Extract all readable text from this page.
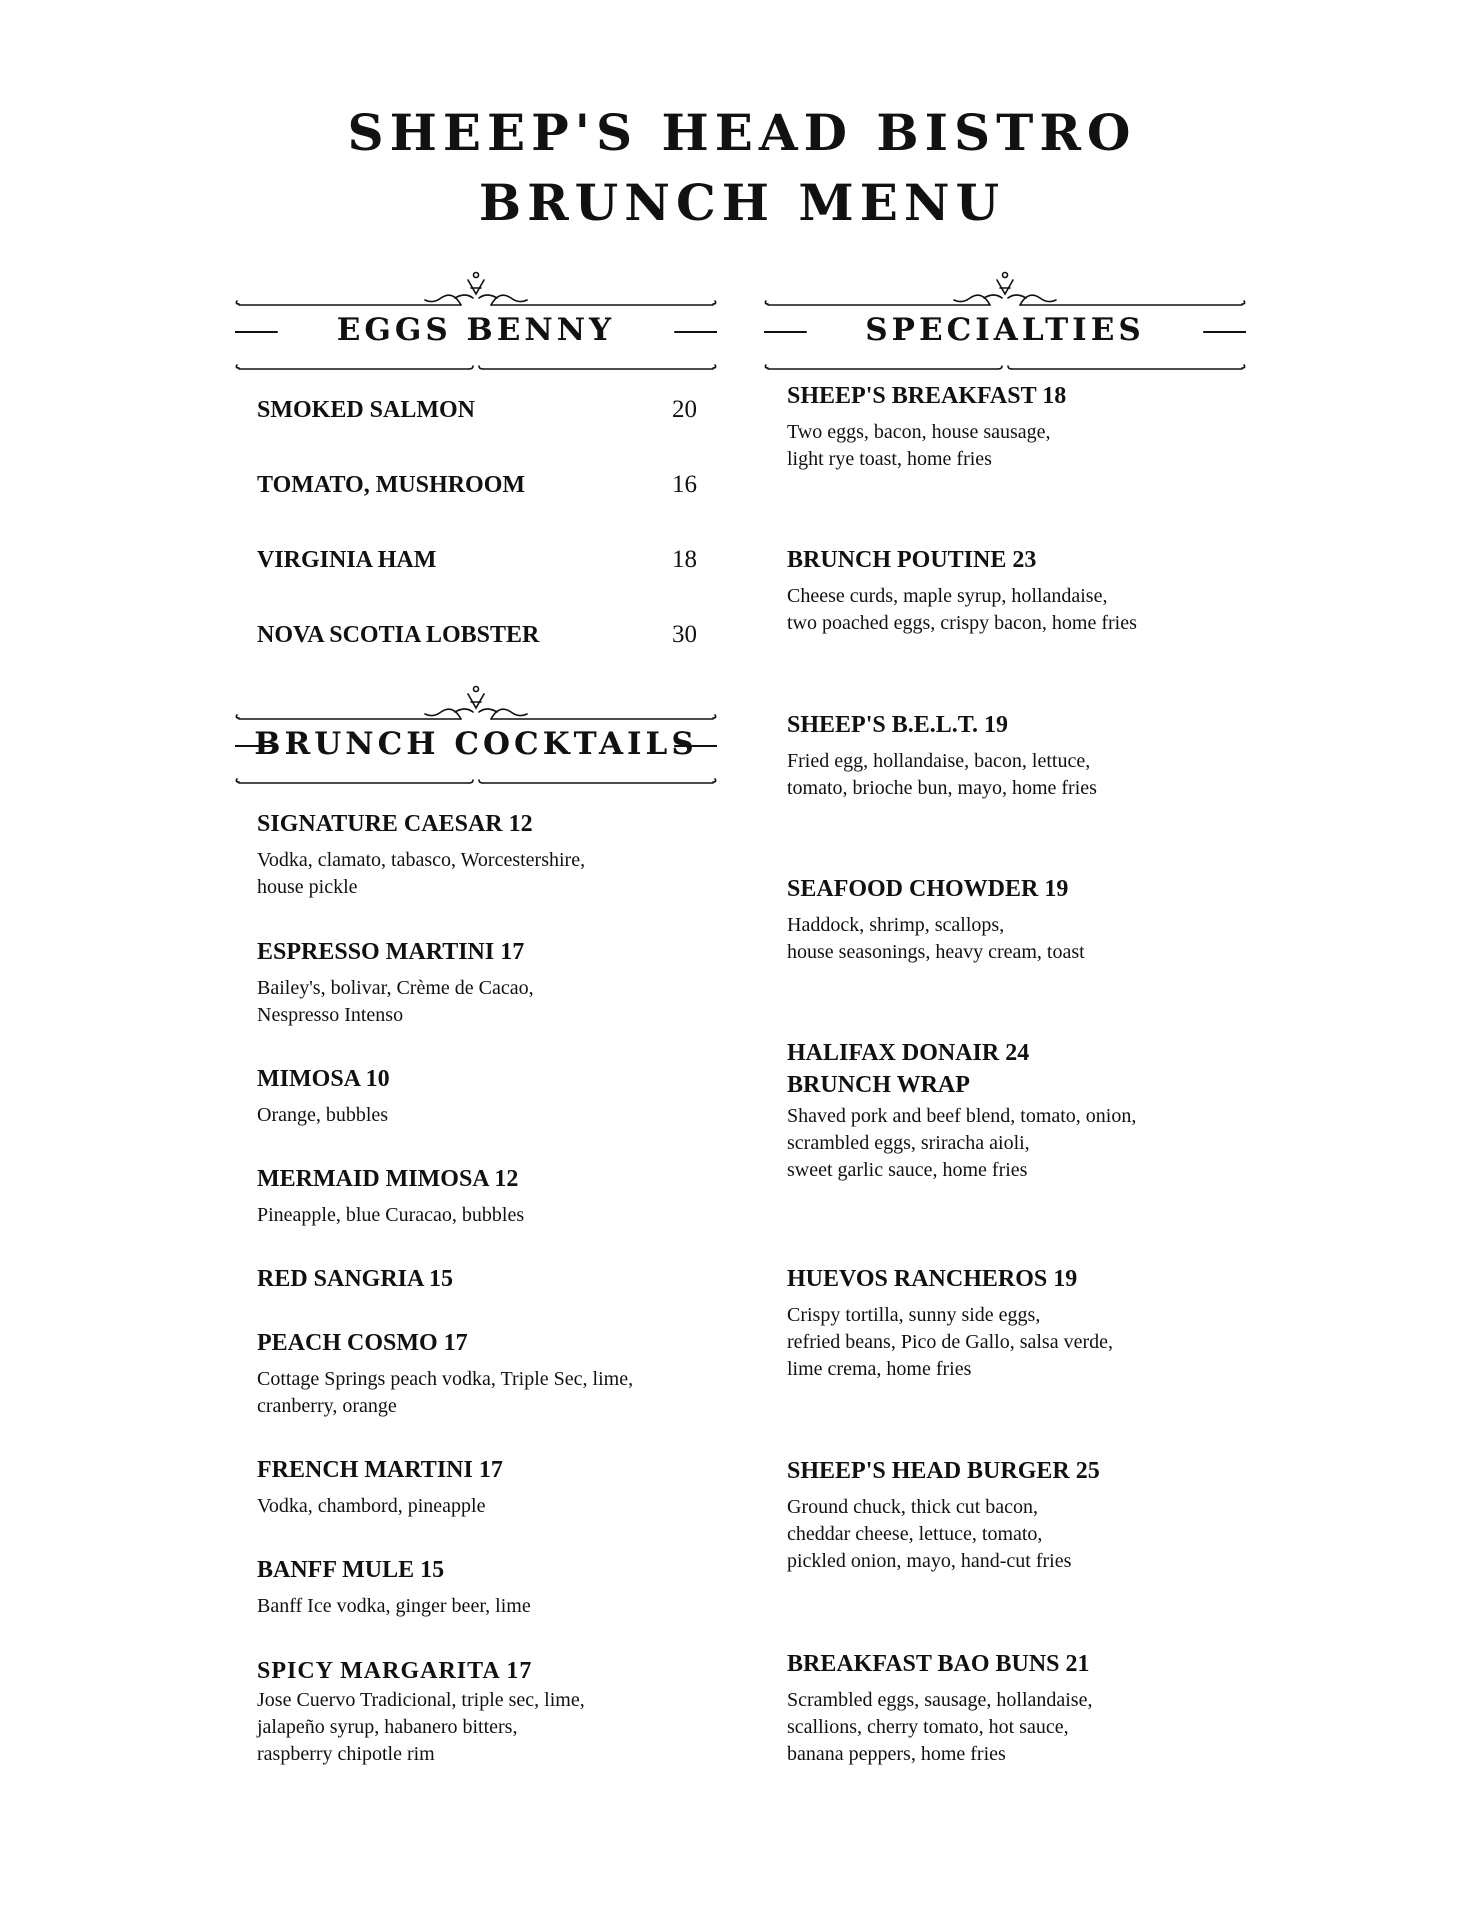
SHEEP'S HEAD BISTRO
BRUNCH MENU
EGGS BENNY
SMOKED SALMON	20
TOMATO, MUSHROOM	16
VIRGINIA HAM	18
NOVA SCOTIA LOBSTER	30
BRUNCH COCKTAILS
SIGNATURE CAESAR 12
Vodka, clamato, tabasco, Worcestershire,
house pickle
ESPRESSO MARTINI 17
Bailey's, bolivar, Crème de Cacao,
Nespresso Intenso
MIMOSA 10
Orange, bubbles
MERMAID MIMOSA 12
Pineapple, blue Curacao, bubbles
RED SANGRIA 15
PEACH COSMO 17
Cottage Springs peach vodka, Triple Sec, lime,
cranberry, orange
FRENCH MARTINI 17
Vodka, chambord, pineapple
BANFF MULE 15
Banff Ice vodka, ginger beer, lime
SPICY MARGARITA 17
Jose Cuervo Tradicional, triple sec, lime,
jalapeño syrup, habanero bitters,
raspberry chipotle rim
SPECIALTIES
SHEEP'S BREAKFAST 18
Two eggs, bacon, house sausage,
light rye toast, home fries
BRUNCH POUTINE 23
Cheese curds, maple syrup, hollandaise,
two poached eggs, crispy bacon, home fries
SHEEP'S B.E.L.T. 19
Fried egg, hollandaise, bacon, lettuce,
tomato, brioche bun, mayo, home fries
SEAFOOD CHOWDER 19
Haddock, shrimp, scallops,
house seasonings, heavy cream, toast
HALIFAX DONAIR 24
BRUNCH WRAP
Shaved pork and beef blend, tomato, onion,
scrambled eggs, sriracha aioli,
sweet garlic sauce, home fries
HUEVOS RANCHEROS 19
Crispy tortilla, sunny side eggs,
refried beans, Pico de Gallo, salsa verde,
lime crema, home fries
SHEEP'S HEAD BURGER 25
Ground chuck, thick cut bacon,
cheddar cheese, lettuce, tomato,
pickled onion, mayo, hand-cut fries
BREAKFAST BAO BUNS 21
Scrambled eggs, sausage, hollandaise,
scallions, cherry tomato, hot sauce,
banana peppers, home fries
